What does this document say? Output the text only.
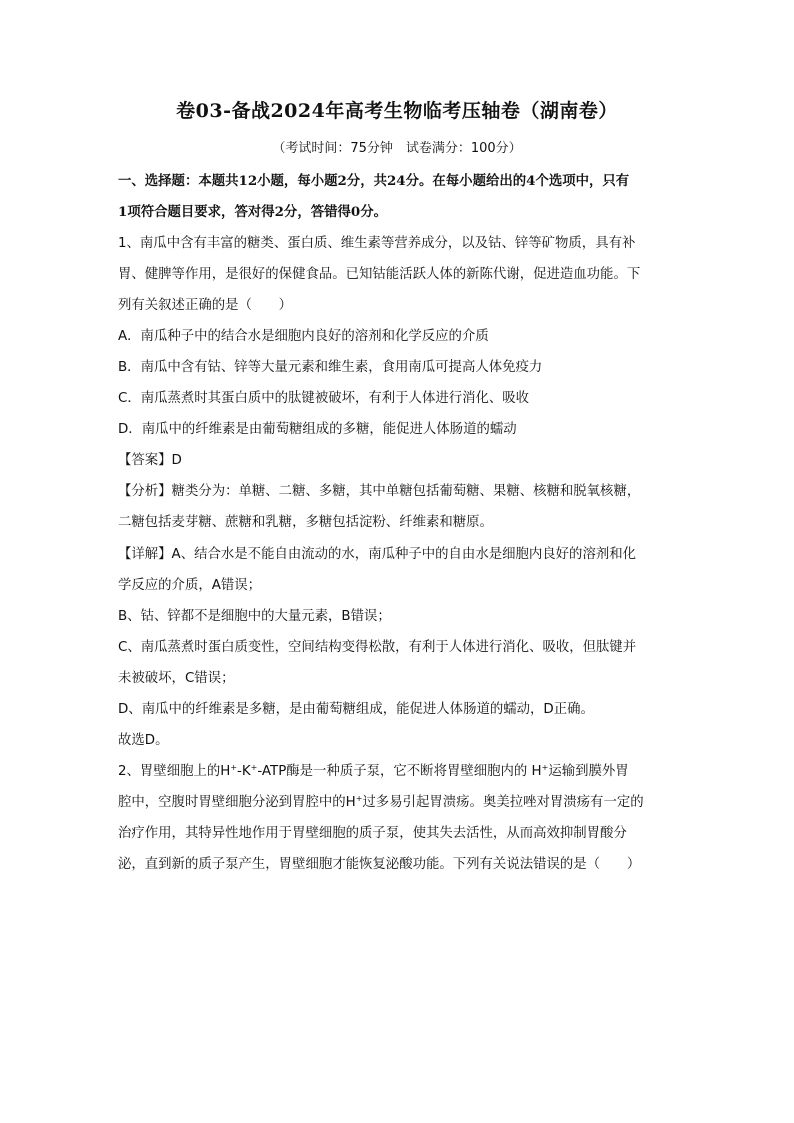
卷03-备战2024年高考生物临考压轴卷（湖南卷）
（考试时间：75分钟　试卷满分：100分）
一、选择题：本题共12小题，每小题2分，共24分。在每小题给出的4个选项中，只有
1项符合题目要求，答对得2分，答错得0分。
1、南瓜中含有丰富的糖类、蛋白质、维生素等营养成分，以及钴、锌等矿物质，具有补
胃、健脾等作用，是很好的保健食品。已知钴能活跃人体的新陈代谢，促进造血功能。下
列有关叙述正确的是（　　）
A．南瓜种子中的结合水是细胞内良好的溶剂和化学反应的介质
B．南瓜中含有钴、锌等大量元素和维生素，食用南瓜可提高人体免疫力
C．南瓜蒸煮时其蛋白质中的肽键被破坏，有利于人体进行消化、吸收
D．南瓜中的纤维素是由葡萄糖组成的多糖，能促进人体肠道的蠕动
【答案】D
【分析】糖类分为：单糖、二糖、多糖，其中单糖包括葡萄糖、果糖、核糖和脱氧核糖，
二糖包括麦芽糖、蔗糖和乳糖，多糖包括淀粉、纤维素和糖原。
【详解】A、结合水是不能自由流动的水，南瓜种子中的自由水是细胞内良好的溶剂和化
学反应的介质，A错误；
B、钴、锌都不是细胞中的大量元素，B错误；
C、南瓜蒸煮时蛋白质变性，空间结构变得松散，有利于人体进行消化、吸收，但肽键并
未被破坏，C错误；
D、南瓜中的纤维素是多糖，是由葡萄糖组成，能促进人体肠道的蠕动，D正确。
故选D。
2、胃壁细胞上的H+-K+-ATP酶是一种质子泵，它不断将胃壁细胞内的 H+运输到膜外胃
腔中，空腹时胃壁细胞分泌到胃腔中的H+过多易引起胃溃疡。奥美拉唑对胃溃疡有一定的
治疗作用，其特异性地作用于胃壁细胞的质子泵，使其失去活性，从而高效抑制胃酸分
泌，直到新的质子泵产生，胃壁细胞才能恢复泌酸功能。下列有关说法错误的是（　　）
